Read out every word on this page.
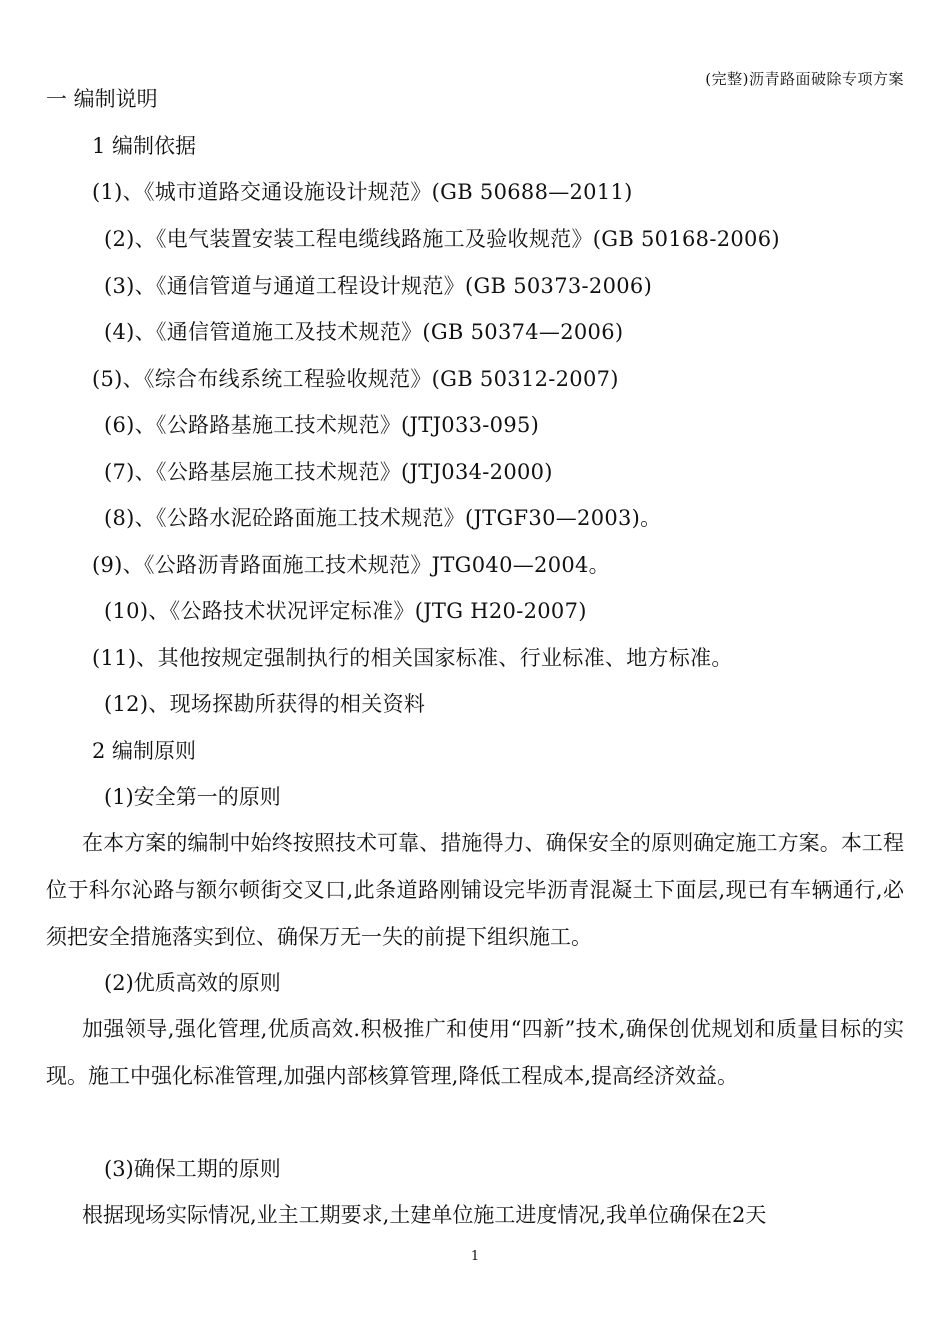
(完整)沥青路面破除专项方案
一 编制说明
1 编制依据
(1)、《城市道路交通设施设计规范》(GB 50688—2011)
(2)、《电气装置安装工程电缆线路施工及验收规范》(GB 50168-2006)
(3)、《通信管道与通道工程设计规范》(GB 50373-2006)
(4)、《通信管道施工及技术规范》(GB 50374—2006)
(5)、《综合布线系统工程验收规范》(GB 50312-2007)
(6)、《公路路基施工技术规范》(JTJ033-095)
(7)、《公路基层施工技术规范》(JTJ034-2000)
(8)、《公路水泥砼路面施工技术规范》(JTGF30—2003)。
(9)、《公路沥青路面施工技术规范》JTG040—2004。
(10)、《公路技术状况评定标准》(JTG H20-2007)
(11)、其他按规定强制执行的相关国家标准、行业标准、地方标准。
(12)、现场探勘所获得的相关资料
2 编制原则
(1)安全第一的原则

在本方案的编制中始终按照技术可靠、措施得力、确保安全的原则确定施工方案。本工程位于科尔沁路与额尔顿街交叉口,此条道路刚铺设完毕沥青混凝土下面层,现已有车辆通行,必须把安全措施落实到位、确保万无一失的前提下组织施工。

(2)优质高效的原则

加强领导,强化管理,优质高效.积极推广和使用“四新”技术,确保创优规划和质量目标的实现。施工中强化标准管理,加强内部核算管理,降低工程成本,提高经济效益。

(3)确保工期的原则

根据现场实际情况,业主工期要求,土建单位施工进度情况,我单位确保在2天

1
